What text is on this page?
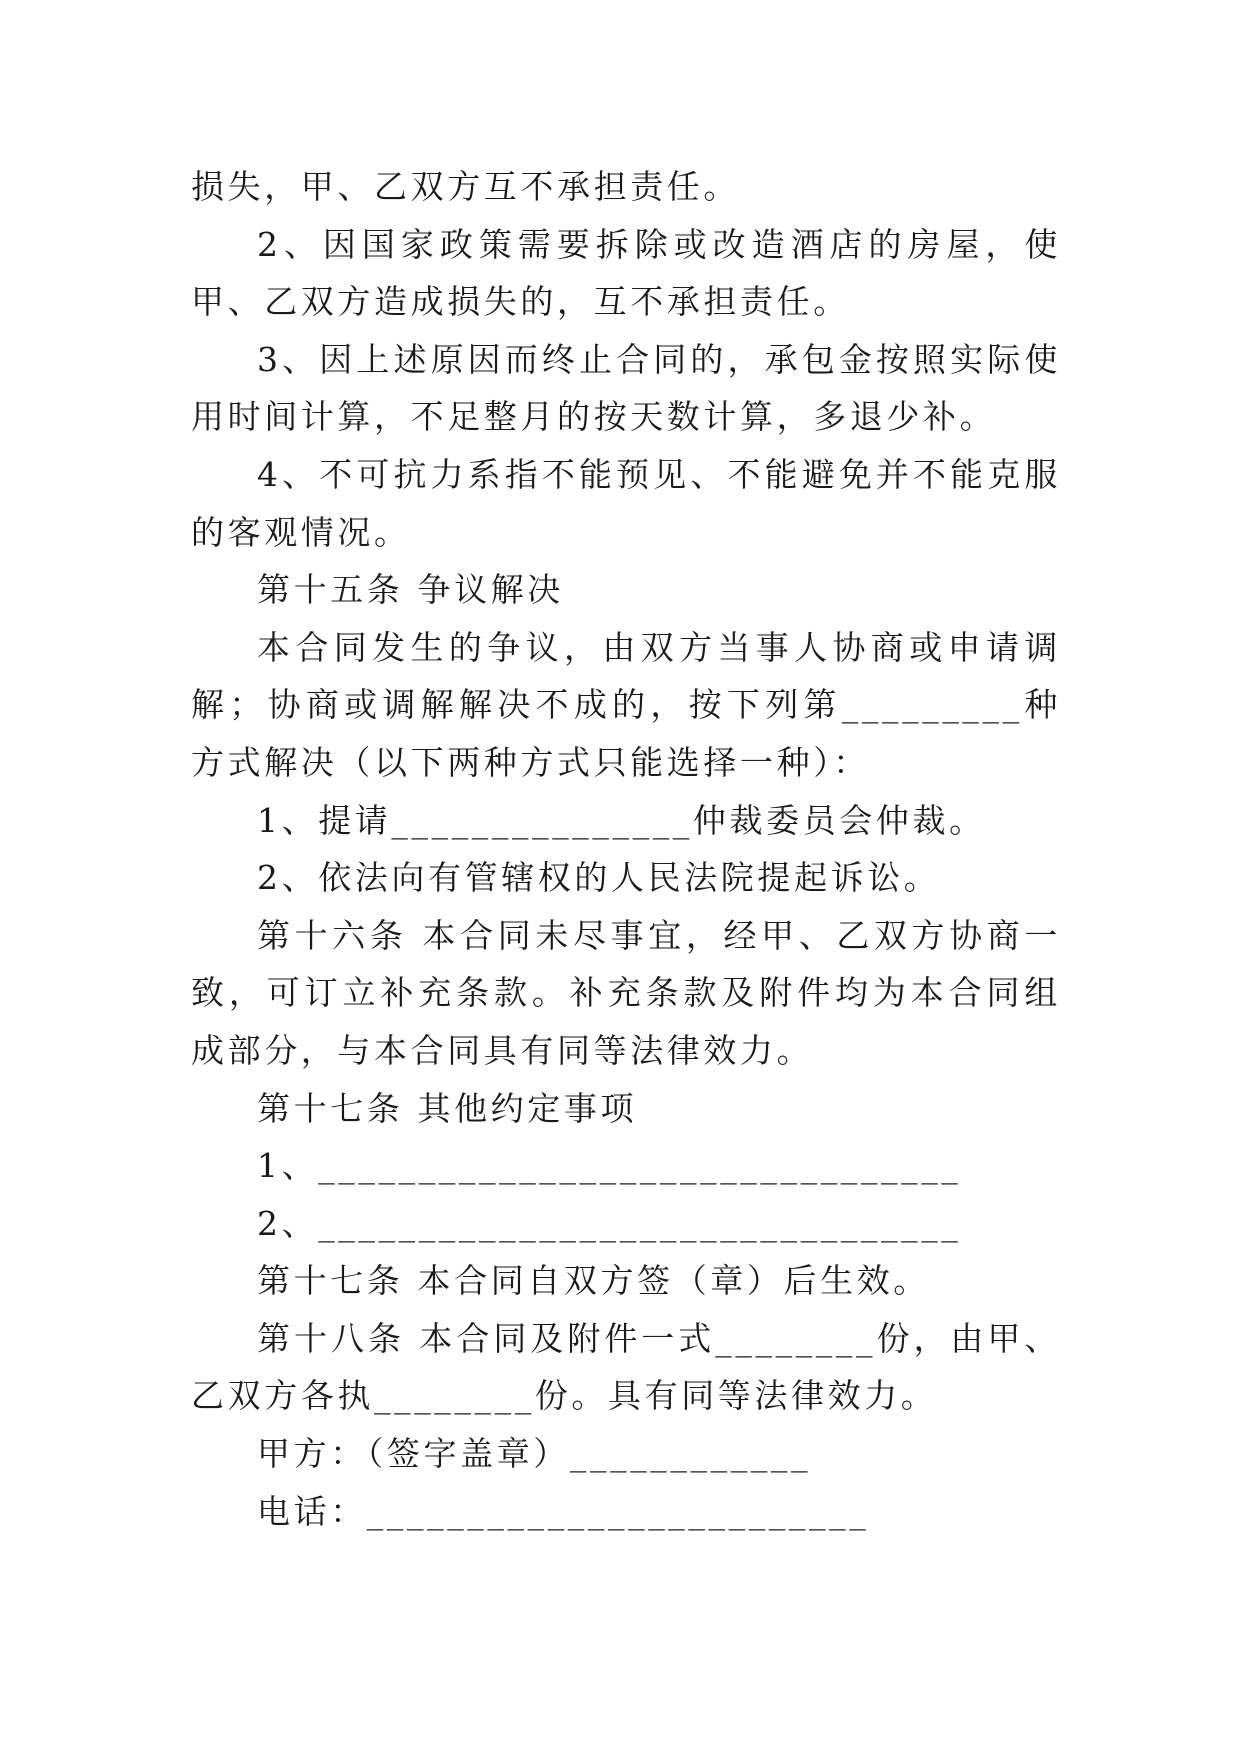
损失，甲、乙双方互不承担责任。

2、因国家政策需要拆除或改造酒店的房屋，使甲、乙双方造成损失的，互不承担责任。

3、因上述原因而终止合同的，承包金按照实际使用时间计算，不足整月的按天数计算，多退少补。

4、不可抗力系指不能预见、不能避免并不能克服的客观情况。

第十五条 争议解决

本合同发生的争议，由双方当事人协商或申请调解；协商或调解解决不成的，按下列第_________种方式解决（以下两种方式只能选择一种）：

1、提请_______________仲裁委员会仲裁。

2、依法向有管辖权的人民法院提起诉讼。

第十六条 本合同未尽事宜，经甲、乙双方协商一致，可订立补充条款。补充条款及附件均为本合同组成部分，与本合同具有同等法律效力。

第十七条 其他约定事项

1、________________________________

2、________________________________

第十七条 本合同自双方签（章）后生效。

第十八条 本合同及附件一式________份，由甲、乙双方各执________份。具有同等法律效力。

甲方：（签字盖章）____________

电话：_________________________
